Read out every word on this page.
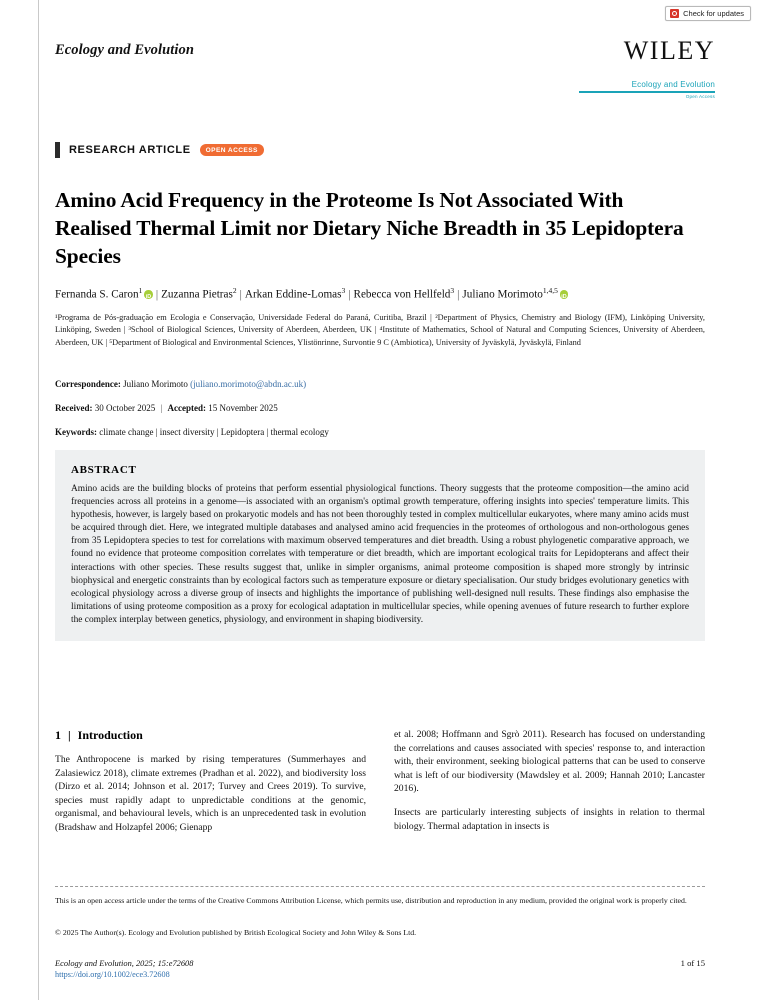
Check for updates
Ecology and Evolution	WILEY
Ecology and Evolution
Open Access
RESEARCH ARTICLE	OPEN ACCESS
Amino Acid Frequency in the Proteome Is Not Associated With Realised Thermal Limit nor Dietary Niche Breadth in 35 Lepidoptera Species
Fernanda S. Caron$^1$ iD | Zuzanna Pietras$^2$ | Arkan Eddine-Lomas$^3$ | Rebecca von Hellfeld$^3$ | Juliano Morimoto$^{1,4,5}$iD
¹Programa de Pós-graduação em Ecologia e Conservação, Universidade Federal do Paraná, Curitiba, Brazil | ²Department of Physics, Chemistry and Biology (IFM), Linköping University, Linköping, Sweden | ³School of Biological Sciences, University of Aberdeen, Aberdeen, UK | ⁴Institute of Mathematics, School of Natural and Computing Sciences, University of Aberdeen, Aberdeen, UK | ⁵Department of Biological and Environmental Sciences, Ylistönrinne, Survontie 9 C (Ambiotica), University of Jyväskylä, Jyväskylä, Finland
Correspondence: Juliano Morimoto (juliano.morimoto@abdn.ac.uk)
Received: 30 October 2025 | Accepted: 15 November 2025
Keywords: climate change | insect diversity | Lepidoptera | thermal ecology
ABSTRACT

Amino acids are the building blocks of proteins that perform essential physiological functions. Theory suggests that the proteome composition—the amino acid frequencies across all proteins in a genome—is associated with an organism's optimal growth temperature, offering insights into species' temperature limits. This hypothesis, however, is largely based on prokaryotic models and has not been thoroughly tested in complex multicellular eukaryotes, where many amino acids must be acquired through diet. Here, we integrated multiple databases and analysed amino acid frequencies in the proteomes of orthologous and non-orthologous genes from 35 Lepidoptera species to test for correlations with maximum observed temperatures and diet breadth. Using a robust phylogenetic comparative approach, we found no evidence that proteome composition correlates with temperature or diet breadth, which are important ecological traits for Lepidopterans and affect their interactions with other species. These results suggest that, unlike in simpler organisms, animal proteome composition is shaped more strongly by intrinsic biophysical and energetic constraints than by ecological factors such as temperature exposure or dietary specialisation. Our study bridges evolutionary genetics with ecological physiology across a diverse group of insects and highlights the importance of publishing well-designed null results. These findings also emphasise the limitations of using proteome composition as a proxy for ecological adaptation in multicellular species, while opening avenues of future research to further explore the complex interplay between genetics, physiology, and environment in shaping biodiversity.

1 | Introduction

The Anthropocene is marked by rising temperatures (Summerhayes and Zalasiewicz 2018), climate extremes (Pradhan et al. 2022), and biodiversity loss (Dirzo et al. 2014; Johnson et al. 2017; Turvey and Crees 2019). To survive, species must rapidly adapt to unpredictable conditions at the genomic, organismal, and behavioural levels, which is an unprecedented task in evolution (Bradshaw and Holzapfel 2006; Gienapp

et al. 2008; Hoffmann and Sgrò 2011). Research has focused on understanding the correlations and causes associated with species' response to, and interaction with, their environment, seeking biological patterns that can be used to conserve what is left of our biodiversity (Mawdsley et al. 2009; Hannah 2010; Lancaster 2016).

Insects are particularly interesting subjects of insights in relation to thermal biology. Thermal adaptation in insects is

This is an open access article under the terms of the Creative Commons Attribution License, which permits use, distribution and reproduction in any medium, provided the original work is properly cited.
© 2025 The Author(s). Ecology and Evolution published by British Ecological Society and John Wiley & Sons Ltd.
Ecology and Evolution, 2025; 15:e72608
https://doi.org/10.1002/ece3.72608
1 of 15
